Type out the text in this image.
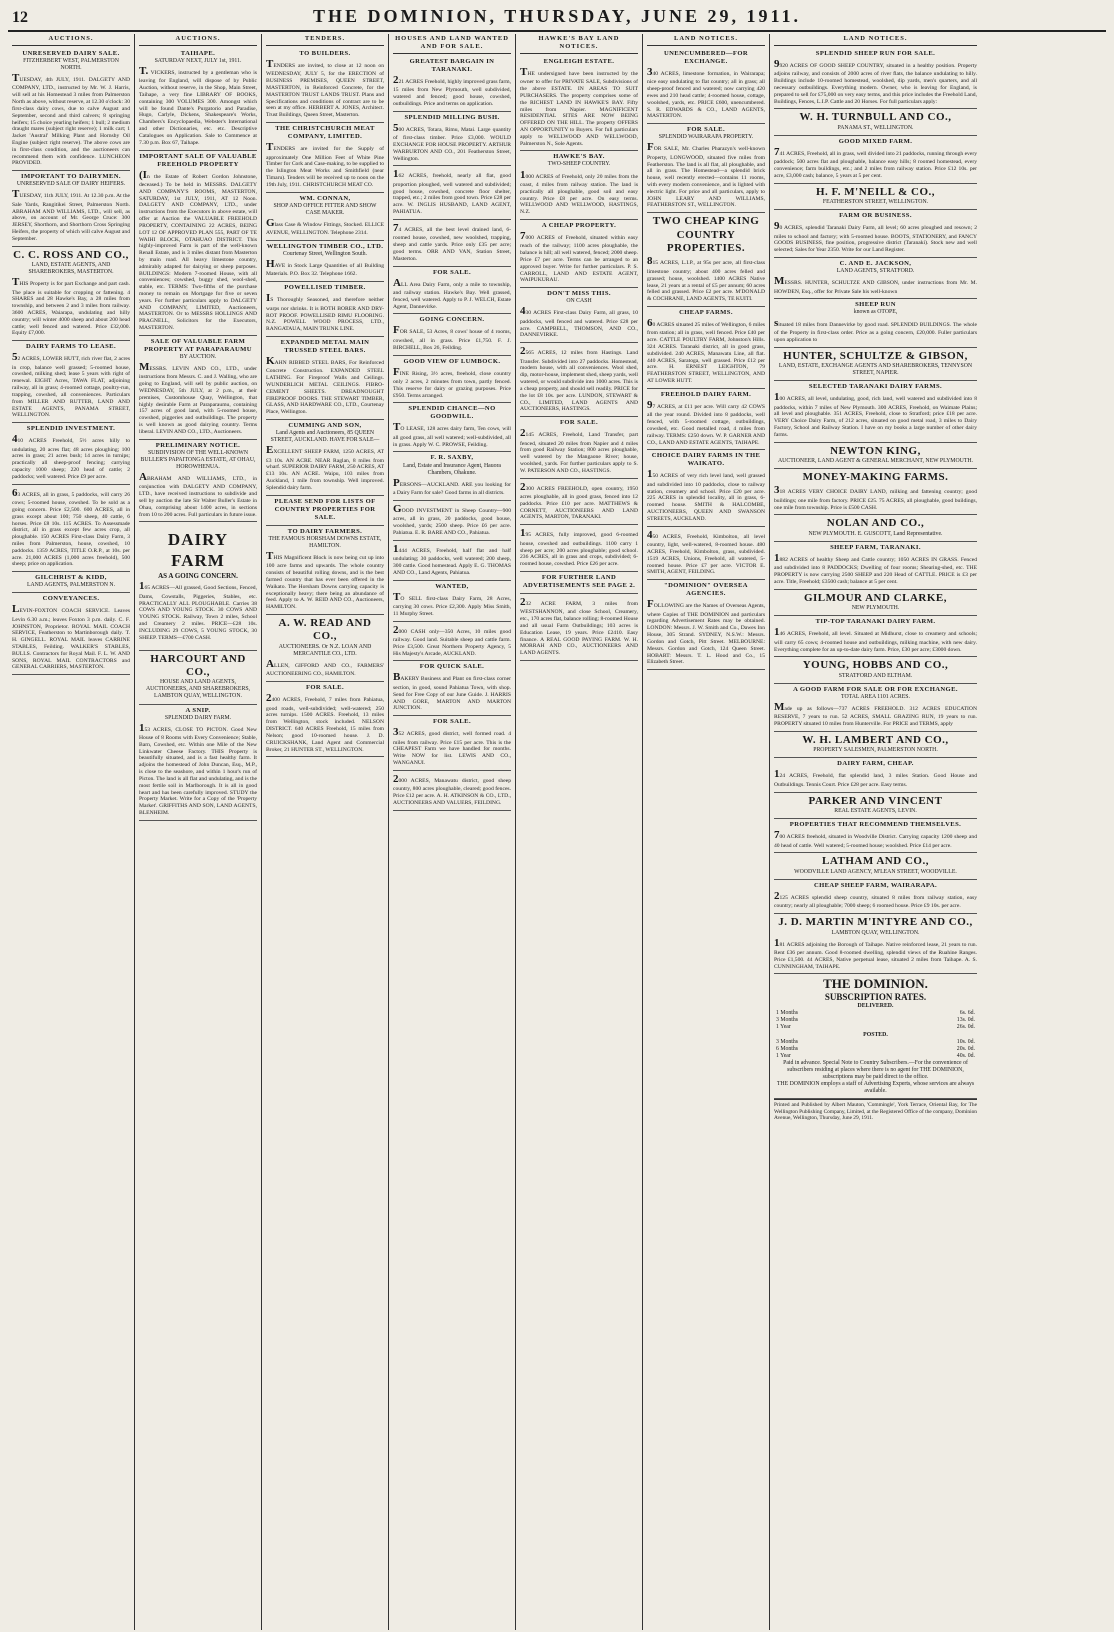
12	THE DOMINION, THURSDAY, JUNE 29, 1911.
AUCTIONS.
UNRESERVED DAIRY SALE.
FITZHERBERT WEST, PALMERSTON NORTH.
TUESDAY, 4th JULY, 1911. DALGETY AND COMPANY, LTD., instructed by Mr. W. J. Harris, will sell at his Homestead 3 miles from Palmerston North as above, without reserve, at 12.30 o'clock: 30 first-class dairy cows, due to calve August and September, second and third calvers; 8 springing heifers; 15 choice yearling heifers; 1 bull; 2 medium draught mares (subject right reserve); 1 milk cart; 1 Jacket 'Austral' Milking Plant and Hornsby Oil Engine (subject right reserve). The above cows are in first-class condition, and the auctioneers can recommend them with confidence. LUNCHEON PROVIDED.
IMPORTANT TO DAIRYMEN.
UNRESERVED SALE OF DAIRY HEIFERS.
TUESDAY, 11th JULY, 1911. At 12.30 p.m. At the Sale Yards, Rangitikei Street, Palmerston North. ABRAHAM AND WILLIAMS, LTD., will sell, as above, on account of Mr. George Cruce: 300 JERSEY, Shorthorn, and Shorthorn Cross Springing Heifers, the property of which will calve August and September.
C. C. ROSS AND CO.,
LAND, ESTATE AGENTS, AND SHAREBROKERS, MASTERTON.
THIS Property is for part Exchange and part cash. The place is suitable for cropping or fattening. 4 SHARES and 28 Hawke's Bay, a 28 miles from township, and between 2 and 3 miles from railway. 3600 ACRES, Waiarapa, undulating and hilly country; will winter 4000 sheep and about 200 head cattle; well fenced and watered. Price £32,000. Equity £7,000.
DAIRY FARMS TO LEASE.
52 ACRES, LOWER HUTT, rich river flat, 2 acres in crop, balance well grassed; 5-roomed house, cowshed, milking shed; lease 5 years with right of renewal. EIGHT Acres, TAWA FLAT, adjoining railway, all in grass; 4-roomed cottage, poultry-run, trapping, cowshed, all conveniences. Particulars from MILLER AND RUTTER, LAND AND ESTATE AGENTS, PANAMA STREET, WELLINGTON.
SPLENDID INVESTMENT.
410 ACRES Freehold, 5½ acres hilly to undulating, 20 acres flat; 48 acres ploughing; 100 acres in grass; 21 acres bush; 14 acres in turnips; practically all sheep-proof fencing; carrying capacity 1000 sheep; 220 head of cattle; 2 paddocks; well watered. Price £9 per acre.
63 ACRES, all in grass, 5 paddocks, will carry 26 cows; 5-roomed house, cowshed. To be sold as a going concern. Price £2,500. 600 ACRES, all in grass except about 100; 750 sheep, 40 cattle, 6 horses. Price £8 10s. 115 ACRES. To Assessmade district, all in grass except few acres crop, all ploughable. 150 ACRES First-class Dairy Farm, 3 miles from Palmerston, house, cowshed, 10 paddocks. 1359 ACRES, TITLE O.R.P., at 10s. per acre. 21,000 ACRES (1,000 acres freehold), 500 sheep; price on application.
GILCHRIST & KIDD,
LAND AGENTS, PALMERSTON N.
CONVEYANCES.
LEVIN-FOXTON COACH SERVICE. Leaves Levin 6.30 a.m.; leaves Foxton 3 p.m. daily. C. F. JOHNSTON, Proprietor. ROYAL MAIL COACH SERVICE, Featherston to Martinborough daily. T. H. GINGELL. ROYAL MAIL leaves CARRINE STABLES, Feilding. WALKER'S STABLES, BULLS. Contractors for Royal Mail. F. L. W. AND SONS, ROYAL MAIL CONTRACTORS and GENERAL CARRIERS, MASTERTON.
AUCTIONS.
TAIHAPE.
SATURDAY NEXT, JULY 1st, 1911.
T. VICKERS, instructed by a gentleman who is leaving for England, will dispose of by Public Auction, without reserve, in the Shop, Main Street, Taihape, a very fine LIBRARY OF BOOKS, containing 300 VOLUMES 300. Amongst which will be found Dante's Purgatorio and Paradise, Hugo, Carlyle, Dickens, Shakespeare's Works, Chambers's Encyclopaedia, Webster's International and other Dictionaries, etc. etc. Descriptive Catalogues on Application. Sale to Commence at 7.30 p.m. Box 67, Taihape.
IMPORTANT SALE OF VALUABLE FREEHOLD PROPERTY
(In the Estate of Robert Gordon Johnstone, deceased.) To be held in MESSRS. DALGETY AND COMPANY'S ROOMS, MASTERTON, SATURDAY, 1st JULY, 1911, AT 12 Noon. DALGETY AND COMPANY, LTD., under instructions from the Executors in above estate, will offer at Auction the VALUABLE FREEHOLD PROPERTY, CONTAINING 22 ACRES, BEING LOT 12 OF APPROVED PLAN 555, PART OF TE WAIHI BLOCK, OTAHUAO DISTRICT. This highly-improved Farm is part of the well-known Renall Estate, and is 3 miles distant from Masterton by main road. All heavy limestone country, admirably adapted for dairying or sheep purposes. BUILDINGS: Modern 7-roomed House, with all conveniences; cowshed, buggy shed, wool-shed, stable, etc. TERMS: Two-fifths of the purchase money to remain on Mortgage for five or seven years. For further particulars apply to DALGETY AND COMPANY, LIMITED, Auctioneers, MASTERTON. Or to MESSRS HOLLINGS AND PRAGNELL, Solicitors for the Executors, MASTERTON.
SALE OF VALUABLE FARM PROPERTY AT PARAPARAUMU
BY AUCTION.
MESSRS. LEVIN AND CO., LTD., under instructions from Messrs. C. and J. Walling, who are going to England, will sell by public auction, on WEDNESDAY, 5th JULY, at 2 p.m., at their premises, Customhouse Quay, Wellington, that highly desirable Farm at Paraparaumu, containing 157 acres of good land, with 5-roomed house, cowshed, piggeries and outbuildings. The property is well known as good dairying country. Terms liberal. LEVIN AND CO., LTD., Auctioneers.
PRELIMINARY NOTICE.
SUBDIVISION OF THE WELL-KNOWN BULLER'S PAPAITONGA ESTATE, AT OHAU, HOROWHENUA.
ABRAHAM AND WILLIAMS, LTD., in conjunction with DALGETY AND COMPANY, LTD., have received instructions to subdivide and sell by auction the late Sir Walter Buller's Estate in Ohau, comprising about 1400 acres, in sections from 10 to 200 acres. Full particulars in future issue.
DAIRY FARM
AS A GOING CONCERN.
165 ACRES—All grassed, Good Sections, Fenced, Dams, Cowstalls, Piggeries, Stables, etc. PRACTICALLY ALL PLOUGHABLE. Carries 38 COWS AND YOUNG STOCK. 30 COWS AND YOUNG STOCK. Railway, Town 2 miles, School and Creamery 2 miles. PRICE—£28 10s. INCLUDING 29 COWS, 5 YOUNG STOCK, 30 SHEEP. TERMS—£700 CASH.
HARCOURT AND CO.,
HOUSE AND LAND AGENTS, AUCTIONEERS, AND SHAREBROKERS, LAMBTON QUAY, WELLINGTON.
A SNIP.
SPLENDID DAIRY FARM.
153 ACRES, CLOSE TO PICTON. Good New House of 8 Rooms with Every Convenience; Stable, Barn, Cowshed, etc. Within one Mile of the New Linkwater Cheese Factory. THIS Property is beautifully situated, and is a fast healthy farm. It adjoins the homestead of John Duncan, Esq., M.P., is close to the seashore, and within 1 hour's run of Picton. The land is all flat and undulating, and is the most fertile soil in Marlborough. It is all in good heart and has been carefully improved. STUDY the Property Market. Write for a Copy of the 'Property Market'. GRIFFITHS AND SON, LAND AGENTS, BLENHEIM.
TENDERS.
TO BUILDERS.
TENDERS are invited, to close at 12 noon on WEDNESDAY, JULY 5, for the ERECTION of BUSINESS PREMISES, QUEEN STREET, MASTERTON, in Reinforced Concrete, for the MASTERTON TRUST LANDS TRUST. Plans and Specifications and conditions of contract are to be seen at my office. HERBERT A. JONES, Architect. Trust Buildings, Queen Street, Masterton.
THE CHRISTCHURCH MEAT COMPANY, LIMITED.
TENDERS are invited for the Supply of approximately One Million Feet of White Pine Timber for Cork and Case-making, to be supplied to the Islington Meat Works and Smithfield (near Timaru). Tenders will be received up to noon on the 19th July, 1911. CHRISTCHURCH MEAT CO.
WM. CONNAN,
SHOP AND OFFICE FITTER AND SHOW CASE MAKER.
Glass Case & Window Fittings, Stocked. ELLICE AVENUE, WELLINGTON. Telephone 2314.
WELLINGTON TIMBER CO., LTD.
Courtenay Street, Wellington South.
HAVE in Stock Large Quantities of all Building Materials. P.O. Box 32. Telephone 1662.
POWELLISED TIMBER.
IS Thoroughly Seasoned, and therefore neither warps nor shrinks. It is BOTH BORER AND DRY-ROT PROOF. POWELLISED RIMU FLOORING. N.Z. POWELL WOOD PROCESS, LTD., RANGATAUA, MAIN TRUNK LINE.
EXPANDED METAL MAIN TRUSSED STEEL BARS.
KAHN RIBBED STEEL BARS, For Reinforced Concrete Construction. EXPANDED STEEL LATHING. For Fireproof Walls and Ceilings. WUNDERLICH METAL CEILINGS. FIBRO-CEMENT SHEETS. DREADNOUGHT FIREPROOF DOORS. THE STEWART TIMBER, GLASS, AND HARDWARE CO., LTD., Courtenay Place, Wellington.
CUMMING AND SON,
Land Agents and Auctioneers, 85 QUEEN STREET, AUCKLAND. HAVE FOR SALE—
EXCELLENT SHEEP FARM, 1250 ACRES, AT £3 10s. AN ACRE. NEAR Raglan, 8 miles from wharf. SUPERIOR DAIRY FARM, 250 ACRES, AT £13 10s. AN ACRE. Waipu, 103 miles from Auckland, 1 mile from township. Well improved. Splendid dairy farm.
PLEASE SEND FOR LISTS OF COUNTRY PROPERTIES FOR SALE.
TO DAIRY FARMERS.
THE FAMOUS HORSHAM DOWNS ESTATE, HAMILTON.
THIS Magnificent Block is now being cut up into 100 acre farms and upwards. The whole country consists of beautiful rolling downs, and is the best farmed country that has ever been offered in the Waikato. The Horsham Downs carrying capacity is exceptionally heavy; there being an abundance of feed. Apply to A. W. REID AND CO., Auctioneers, HAMILTON.
A. W. READ AND CO.,
AUCTIONEERS. Or N.Z. LOAN AND MERCANTILE CO., LTD.
ALLEN, GIFFORD AND CO., FARMERS' AUCTIONEERING CO., HAMILTON.
FOR SALE.
2400 ACRES, Freehold, 7 miles from Pahiatua, good roads, well-subdivided; well-watered; 250 acres turnips. 1500 ACRES. Freehold, 13 miles from Wellington, stock included. NELSON DISTRICT. 640 ACRES Freehold, 15 miles from Nelson; good 10-roomed house. J. D. CRUICKSHANK, Land Agent and Commercial Broker, 21 HUNTER ST., WELLINGTON.
HOUSES AND LAND WANTED AND FOR SALE.
GREATEST BARGAIN IN TARANAKI.
221 ACRES Freehold, highly improved grass farm, 15 miles from New Plymouth, well subdivided, watered and fenced; good house, cowshed, outbuildings. Price and terms on application.
SPLENDID MILLING BUSH.
500 ACRES, Totara, Rimu, Matai. Large quantity of first-class timber. Price £3,000. WOULD EXCHANGE FOR HOUSE PROPERTY. ARTHUR WARBURTON AND CO., 201 Featherston Street, Wellington.
162 ACRES, freehold, nearly all flat, good proportion ploughed, well watered and subdivided; good house, cowshed, concrete floor shelter, trapped, etc.; 2 miles from good town. Price £28 per acre. W. INGLIS HUSBAND, LAND AGENT, PAHIATUA.
74 ACRES, all the best level drained land, 6-roomed house, cowshed, new woolshed, trapping, sheep and cattle yards. Price only £35 per acre; good terms. ORR AND VAN, Station Street, Masterton.
FOR SALE.
ALL Area Dairy Farm, only a mile to township, and railway station. Hawke's Bay. Well grassed, fenced, well watered. Apply to P. J. WELCH, Estate Agent, Dannevirke.
GOING CONCERN.
FOR SALE, 53 Acres, 8 cows' house of 4 rooms, cowshed, all in grass. Price £1,750. F. J. BIRCHELL, Box 26, Feilding.
GOOD VIEW OF LUMBOCK.
FINE Rising, 3½ acres, freehold, close country only 2 acres, 2 minutes from town, partly fenced. This reserve for dairy or grazing purposes. Price £950. Terms arranged.
SPLENDID CHANCE—NO GOODWILL.
TO LEASE, 128 acres dairy farm, Ten cows, will all good grass, all well watered; well-subdivided, all in grass. Apply W. C. PROWSE, Feilding.
F. R. SAXBY,
Land, Estate and Insurance Agent, Hauora Chambers, Ohakune.
PERSONS—AUCKLAND. ARE you looking for a Dairy Farm for sale? Good farms in all districts.
GOOD INVESTMENT in Sheep Country—900 acres, all in grass, 20 paddocks, good house, woolshed, yards; 2500 sheep. Price £6 per acre. Pahiatua. E. R. BARE AND CO., Pahiatua.
1444 ACRES, Freehold, half flat and half undulating; 30 paddocks, well watered; 200 sheep, 300 cattle. Good homestead. Apply E. G. THOMAS AND CO., Land Agents, Pahiatua.
WANTED,
TO SELL first-class Dairy Farm, 28 Acres, carrying 30 cows. Price £2,300. Apply Miss Smith, 11 Murphy Street.
2000 CASH only—350 Acres, 10 miles good railway. Good land. Suitable sheep and cattle farm. Price £3,500. Great Northern Property Agency, 5 His Majesty's Arcade, AUCKLAND.
FOR QUICK SALE.
BAKERY Business and Plant on first-class corner section, in good, sound Pahiatua Town, with shop. Send for Free Copy of our June Guide. J. HARRIS AND GORE, MARTON AND MARTON JUNCTION.
FOR SALE.
352 ACRES, good district, well formed road. 4 miles from railway. Price £15 per acre. This is the CHEAPEST Farm we have handled for months. Write NOW for list. LEWIS AND CO., WANGANUI.
2000 ACRES, Manawatu district, good sheep country, 800 acres ploughable, cleared; good fences. Price £12 per acre. A. H. ATKINSON & CO., LTD., AUCTIONEERS AND VALUERS, FEILDING.
HAWKE'S BAY LAND NOTICES.
ENGLEIGH ESTATE.
THE undersigned have been instructed by the owner to offer for PRIVATE SALE, Subdivisions of the above ESTATE. IN AREAS TO SUIT PURCHASERS. The property comprises some of the RICHEST LAND IN HAWKE'S BAY. Fifty miles from Napier. MAGNIFICENT RESIDENTIAL SITES ARE NOW BEING OFFERED ON THE HILL. The property OFFERS AN OPPORTUNITY to Buyers. For full particulars apply to WELLWOOD AND WELLWOOD, Palmerston N., Sole Agents.
HAWKE'S BAY.
TWO-SHEEP COUNTRY.
1000 ACRES of Freehold, only 20 miles from the coast, 4 miles from railway station. The land is practically all ploughable, good soil and easy country. Price £8 per acre. On easy terms. WELLWOOD AND WELLWOOD, HASTINGS, N.Z.
A CHEAP PROPERTY.
7000 ACRES of Freehold, situated within easy reach of the railway; 1100 acres ploughable, the balance is hill; all well watered, fenced; 2000 sheep. Price £7 per acre. Terms can be arranged to an approved buyer. Write for further particulars. P. S. CARROLL, LAND AND ESTATE AGENT, WAIPUKURAU.
DON'T MISS THIS.
ON CASH
430 ACRES First-class Dairy Farm, all grass, 10 paddocks, well fenced and watered. Price £28 per acre. CAMPBELL, THOMSON, AND CO., DANNEVIRKE.
2565 ACRES, 12 miles from Hastings. Land Transfer. Subdivided into 27 paddocks. Homestead, modern house, with all conveniences. Wool shed, dip, motor-house, implement shed, sheep yards, well watered, or would subdivide into 1000 acres. This is a cheap property, and should sell readily. PRICE for the lot £8 10s. per acre. LUNDON, STEWART & CO., LIMITED, LAND AGENTS AND AUCTIONEERS, HASTINGS.
FOR SALE.
2145 ACRES, Freehold, Land Transfer, part fenced, situated 20 miles from Napier and 4 miles from good Railway Station; 800 acres ploughable, well watered by the Mangaone River; house, woolshed, yards. For further particulars apply to S. W. PATERSON AND CO., HASTINGS.
2300 ACRES FREEHOLD, open country, 1950 acres ploughable, all in good grass, fenced into 12 paddocks. Price £10 per acre. MATTHEWS & CORNETT, AUCTIONEERS AND LAND AGENTS, MARTON, TARANAKI.
195 ACRES, fully improved, good 6-roomed house, cowshed and outbuildings. 1100 carry 1 sheep per acre; 200 acres ploughable; good school. 236 ACRES, all in grass and crops, subdivided; 6-roomed house, cowshed. Price £26 per acre.
FOR FURTHER LAND ADVERTISEMENTS SEE PAGE 2.
232 ACRE FARM, 3 miles from WESTSHANNON, and close School, Creamery, etc., 170 acres flat, balance rolling; 8-roomed House and all usual Farm Outbuildings; 103 acres is Education Lease, 19 years. Price £2410. Easy finance. A REAL GOOD PAYING FARM. W. H. MORRAH AND CO., AUCTIONEERS AND LAND AGENTS.
LAND NOTICES.
UNENCUMBERED—FOR EXCHANGE.
340 ACRES, limestone formation, in Wairarapa; nice easy undulating to flat country; all in grass; all sheep-proof fenced and watered; now carrying 420 ewes and 210 head cattle; 4-roomed house, cottage, woolshed, yards, etc. PRICE £600, unencumbered. S. R. EDWARDS & CO., LAND AGENTS, MASTERTON.
FOR SALE.
SPLENDID WAIRARAPA PROPERTY.
FOR SALE, Mr. Charles Pharazyn's well-known Property, LONGWOOD, situated five miles from Featherston. The land is all flat, all ploughable, and all in grass. The Homestead—a splendid brick house, well recently erected—contains 11 rooms, with every modern convenience, and is lighted with electric light. For price and all particulars, apply to JOHN LEARY AND WILLIAMS, FEATHERSTON ST., WELLINGTON.
TWO CHEAP KING COUNTRY PROPERTIES.
815 ACRES, L.I.P., at 95s per acre, all first-class limestone country; about 400 acres felled and grassed; house, woolshed. 1400 ACRES Native lease, 21 years at a rental of £5 per annum; 60 acres felled and grassed. Price £2 per acre. M'DONALD & COCHRANE, LAND AGENTS, TE KUITI.
CHEAP FARMS.
60 ACRES situated 25 miles of Wellington, 6 miles from station; all in grass, well fenced. Price £40 per acre. CATTLE POULTRY FARM, Johnston's Hills. 324 ACRES. Taranaki district, all in good grass, subdivided. 240 ACRES, Manawatu Line, all flat. 440 ACRES, Saratoga, well grassed. Price £12 per acre. H. ERNEST LEIGHTON, 79 FEATHERSTON STREET, WELLINGTON, AND AT LOWER HUTT.
FREEHOLD DAIRY FARM.
97 ACRES, at £11 per acre. Will carry 42 COWS all the year round. Divided into 8 paddocks, well fenced, with 5-roomed cottage, outbuildings, cowshed, etc. Good metalled road, 4 miles from railway. TERMS: £250 down. W. P. GARNER AND CO., LAND AND ESTATE AGENTS, TAIHAPE.
CHOICE DAIRY FARMS IN THE WAIKATO.
150 ACRES of very rich level land, well grassed and subdivided into 10 paddocks, close to railway station, creamery and school. Price £20 per acre. 225 ACRES in splendid locality, all in grass, 6-roomed house. SMITH & HALCOMBE, AUCTIONEERS, QUEEN AND SWANSON STREETS, AUCKLAND.
450 ACRES, Freehold, Kimbolton, all level country, light, well-watered, 8-roomed house. 480 ACRES, Freehold, Kimbolton, grass, subdivided. 1519 ACRES, Unions, Freehold, all watered, 5-roomed house. Price £7 per acre. VICTOR E. SMITH, AGENT, FEILDING.
"DOMINION" OVERSEA AGENCIES.
FOLLOWING are the Names of Overseas Agents, where Copies of THE DOMINION and particulars regarding Advertisement Rates may be obtained. LONDON: Messrs. J. W. Smith and Co., Dawes Inn House, 305 Strand. SYDNEY, N.S.W.: Messrs. Gordon and Gotch, Pitt Street. MELBOURNE: Messrs. Gordon and Gotch, 124 Queen Street. HOBART: Messrs. T. L. Hood and Co., 15 Elizabeth Street.
LAND NOTICES.
SPLENDID SHEEP RUN FOR SALE.
9920 ACRES OF GOOD SHEEP COUNTRY, situated in a healthy position. Property adjoins railway, and consists of 2000 acres of river flats, the balance undulating to hilly. Buildings include 10-roomed homestead, woolshed, dip yards, men's quarters, and all necessary outbuildings. Everything modern. Owner, who is leaving for England, is prepared to sell for £75,000 on very easy terms, and this price includes the Freehold Land, Buildings, Fences, L.I.P. Cattle and 20 Horses. For full particulars apply:
W. H. TURNBULL AND CO.,
PANAMA ST., WELLINGTON.
GOOD MIXED FARM.
741 ACRES, Freehold, all in grass, well divided into 21 paddocks, running through every paddock; 500 acres flat and ploughable, balance easy hills; 8 roomed homestead, every convenience; farm buildings, etc.; and 2 miles from railway station. Price £12 10s. per acre, £3,000 cash; balance, 5 years at 5 per cent.
H. F. M'NEILL & CO.,
FEATHERSTON STREET, WELLINGTON.
FARM OR BUSINESS.
90 ACRES, splendid Taranaki Dairy Farm, all level; 60 acres ploughed and resown; 2 miles to school and factory; with 5-roomed house. BOOTS, STATIONERY, and FANCY GOODS BUSINESS, fine position, progressive district (Taranaki). Stock new and well selected; Sales for Year 2350. Write for our Land Register.
C. AND E. JACKSON,
LAND AGENTS, STRATFORD.
MESSRS. HUNTER, SCHULTZE AND GIBSON, under instructions from Mr. M. HOWDEN, Esq., offer for Private Sale his well-known
SHEEP RUN
known as OTOPE,
situated 18 miles from Dannevirke by good road. SPLENDID BUILDINGS. The whole of the Property in first-class order. Price as a going concern, £20,000. Fuller particulars upon application to
HUNTER, SCHULTZE & GIBSON,
LAND, ESTATE, EXCHANGE AGENTS AND SHAREBROKERS, TENNYSON STREET, NAPIER.
SELECTED TARANAKI DAIRY FARMS.
100 ACRES, all level, undulating, good, rich land, well watered and subdivided into 8 paddocks, within 7 miles of New Plymouth. 300 ACRES, Freehold, on Waimate Plains; all level and ploughable. 351 ACRES, Freehold, close to Stratford; price £18 per acre. VERY Choice Dairy Farm, of 212 acres, situated on good metal road, 3 miles to Dairy Factory, School and Railway Station. I have on my books a large number of other dairy farms.
NEWTON KING,
AUCTIONEER, LAND AGENT & GENERAL MERCHANT, NEW PLYMOUTH.
MONEY-MAKING FARMS.
318 ACRES VERY CHOICE DAIRY LAND, milking and fattening country; good buildings; one mile from factory. PRICE £25. 75 ACRES, all ploughable, good buildings, one mile from township. Price is £500 CASH.
NOLAN AND CO.,
NEW PLYMOUTH. E. GUSCOTT, Land Representative.
SHEEP FARM, TARANAKI.
1882 ACRES of healthy Sheep and Cattle country; 1050 ACRES IN GRASS. Fenced and subdivided into 8 PADDOCKS; Dwelling of four rooms; Shearing-shed, etc. THE PROPERTY is now carrying 2500 SHEEP and 220 Head of CATTLE. PRICE is £3 per acre. Title, Freehold; £3500 cash; balance at 5 per cent.
GILMOUR AND CLARKE,
NEW PLYMOUTH.
TIP-TOP TARANAKI DAIRY FARM.
146 ACRES, Freehold, all level. Situated at Midhurst, close to creamery and schools; will carry 65 cows; 4-roomed house and outbuildings, milking machine, with new dairy. Everything complete for an up-to-date dairy farm. Price, £30 per acre; £3000 down.
YOUNG, HOBBS AND CO.,
STRATFORD AND ELTHAM.
A GOOD FARM FOR SALE OR FOR EXCHANGE.
TOTAL AREA 1101 ACRES.
Made up as follows—737 ACRES FREEHOLD. 312 ACRES EDUCATION RESERVE, 7 years to run. 52 ACRES, SMALL GRAZING RUN, 19 years to run. PROPERTY situated 10 miles from Hunterville. For PRICE and TERMS, apply
W. H. LAMBERT AND CO.,
PROPERTY SALESMEN, PALMERSTON NORTH.
DAIRY FARM, CHEAP.
124 ACRES, Freehold, flat splendid land, 3 miles Station. Good House and Outbuildings. Tennis Court. Price £28 per acre. Easy terms.
PARKER AND VINCENT
REAL ESTATE AGENTS, LEVIN.
PROPERTIES THAT RECOMMEND THEMSELVES.
700 ACRES freehold, situated in Woodville District. Carrying capacity 1200 sheep and 40 head of cattle. Well watered; 5-roomed house; woolshed. Price £14 per acre.
LATHAM AND CO.,
WOODVILLE LAND AGENCY, M'LEAN STREET, WOODVILLE.
CHEAP SHEEP FARM, WAIRARAPA.
2125 ACRES splendid sheep country, situated 8 miles from railway station, easy country; nearly all ploughable; 7000 sheep; 6 roomed house. Price £9 10s. per acre.
J. D. MARTIN M'INTYRE AND CO.,
LAMBTON QUAY, WELLINGTON.
181 ACRES adjoining the Borough of Taihape. Native reinforced lease, 21 years to run. Rent £36 per annum. Good 8-roomed dwelling, splendid views of the Ruahine Ranges. Price £1,500. 44 ACRES, Native perpetual lease, situated 2 miles from Taihape. A. S. CUNNINGHAM, TAIHAPE.
THE DOMINION.
SUBSCRIPTION RATES.
DELIVERED.	
1 Months	6s. 6d.
3 Months	13s. 0d.
1 Year	26s. 0d.
POSTED.	
3 Months	10s. 0d.
6 Months	20s. 0d.
1 Year	40s. 0d.
Paid in advance. Special Note to Country Subscribers.—For the convenience of subscribers residing at places where there is no agent for THE DOMINION, subscriptions may be paid direct to the office.
THE DOMINION employs a staff of Advertising Experts, whose services are always available.
Printed and Published by Albert Mauton, 'Commingle', York Terrace, Oriental Bay, for The Wellington Publishing Company, Limited, at the Registered Office of the company, Dominion Avenue, Wellington, Thursday, June 29, 1911.
